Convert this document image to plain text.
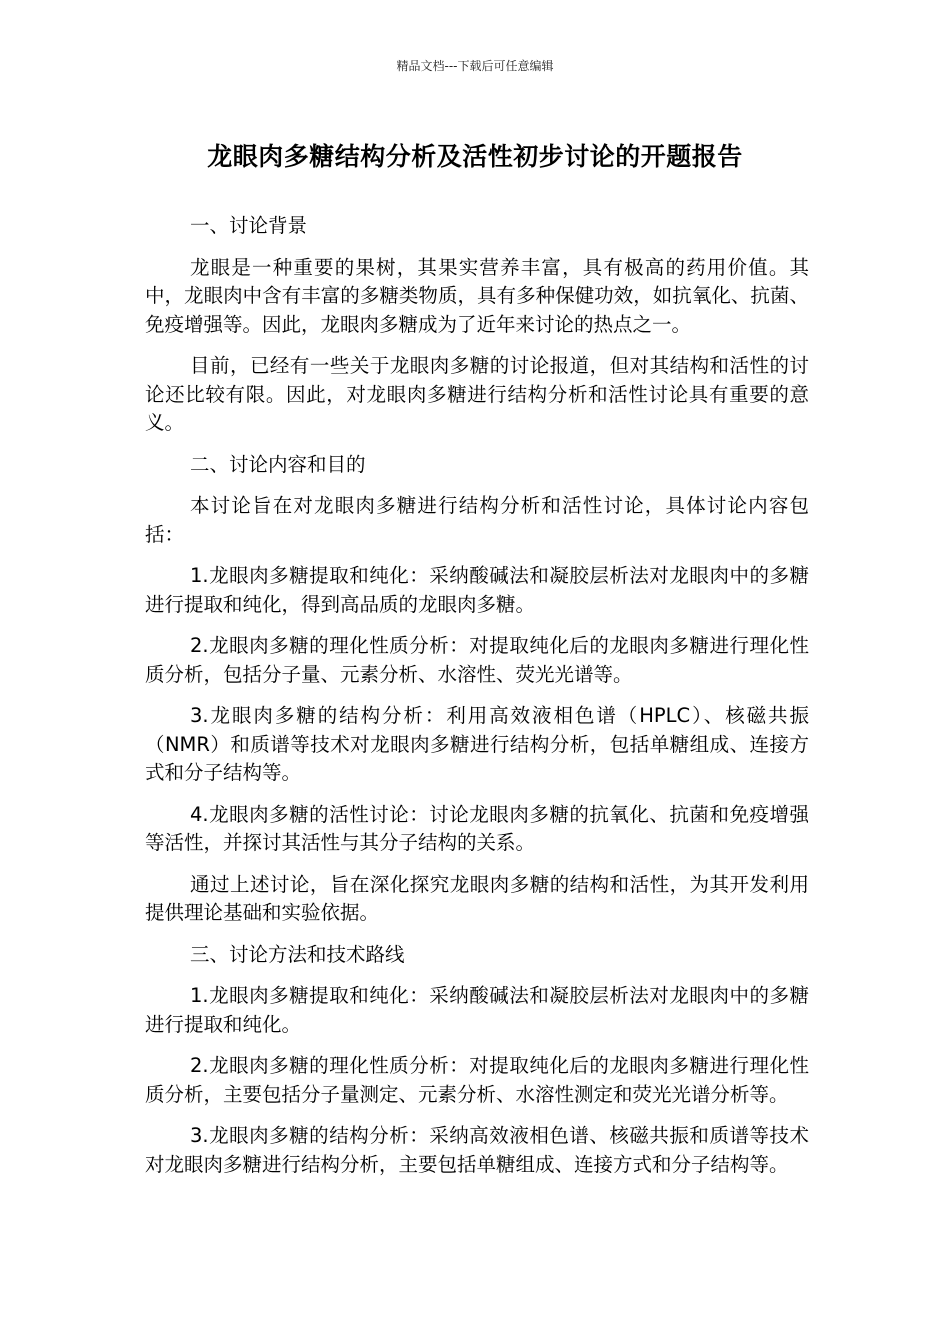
精品文档---下载后可任意编辑
龙眼肉多糖结构分析及活性初步讨论的开题报告

一、讨论背景

龙眼是一种重要的果树，其果实营养丰富，具有极高的药用价值。其中，龙眼肉中含有丰富的多糖类物质，具有多种保健功效，如抗氧化、抗菌、免疫增强等。因此，龙眼肉多糖成为了近年来讨论的热点之一。

目前，已经有一些关于龙眼肉多糖的讨论报道，但对其结构和活性的讨论还比较有限。因此，对龙眼肉多糖进行结构分析和活性讨论具有重要的意义。

二、讨论内容和目的

本讨论旨在对龙眼肉多糖进行结构分析和活性讨论，具体讨论内容包括：

1.龙眼肉多糖提取和纯化：采纳酸碱法和凝胶层析法对龙眼肉中的多糖进行提取和纯化，得到高品质的龙眼肉多糖。

2.龙眼肉多糖的理化性质分析：对提取纯化后的龙眼肉多糖进行理化性质分析，包括分子量、元素分析、水溶性、荧光光谱等。

3.龙眼肉多糖的结构分析：利用高效液相色谱（HPLC）、核磁共振（NMR）和质谱等技术对龙眼肉多糖进行结构分析，包括单糖组成、连接方式和分子结构等。

4.龙眼肉多糖的活性讨论：讨论龙眼肉多糖的抗氧化、抗菌和免疫增强等活性，并探讨其活性与其分子结构的关系。

通过上述讨论，旨在深化探究龙眼肉多糖的结构和活性，为其开发利用提供理论基础和实验依据。

三、讨论方法和技术路线

1.龙眼肉多糖提取和纯化：采纳酸碱法和凝胶层析法对龙眼肉中的多糖进行提取和纯化。

2.龙眼肉多糖的理化性质分析：对提取纯化后的龙眼肉多糖进行理化性质分析，主要包括分子量测定、元素分析、水溶性测定和荧光光谱分析等。

3.龙眼肉多糖的结构分析：采纳高效液相色谱、核磁共振和质谱等技术对龙眼肉多糖进行结构分析，主要包括单糖组成、连接方式和分子结构等。
